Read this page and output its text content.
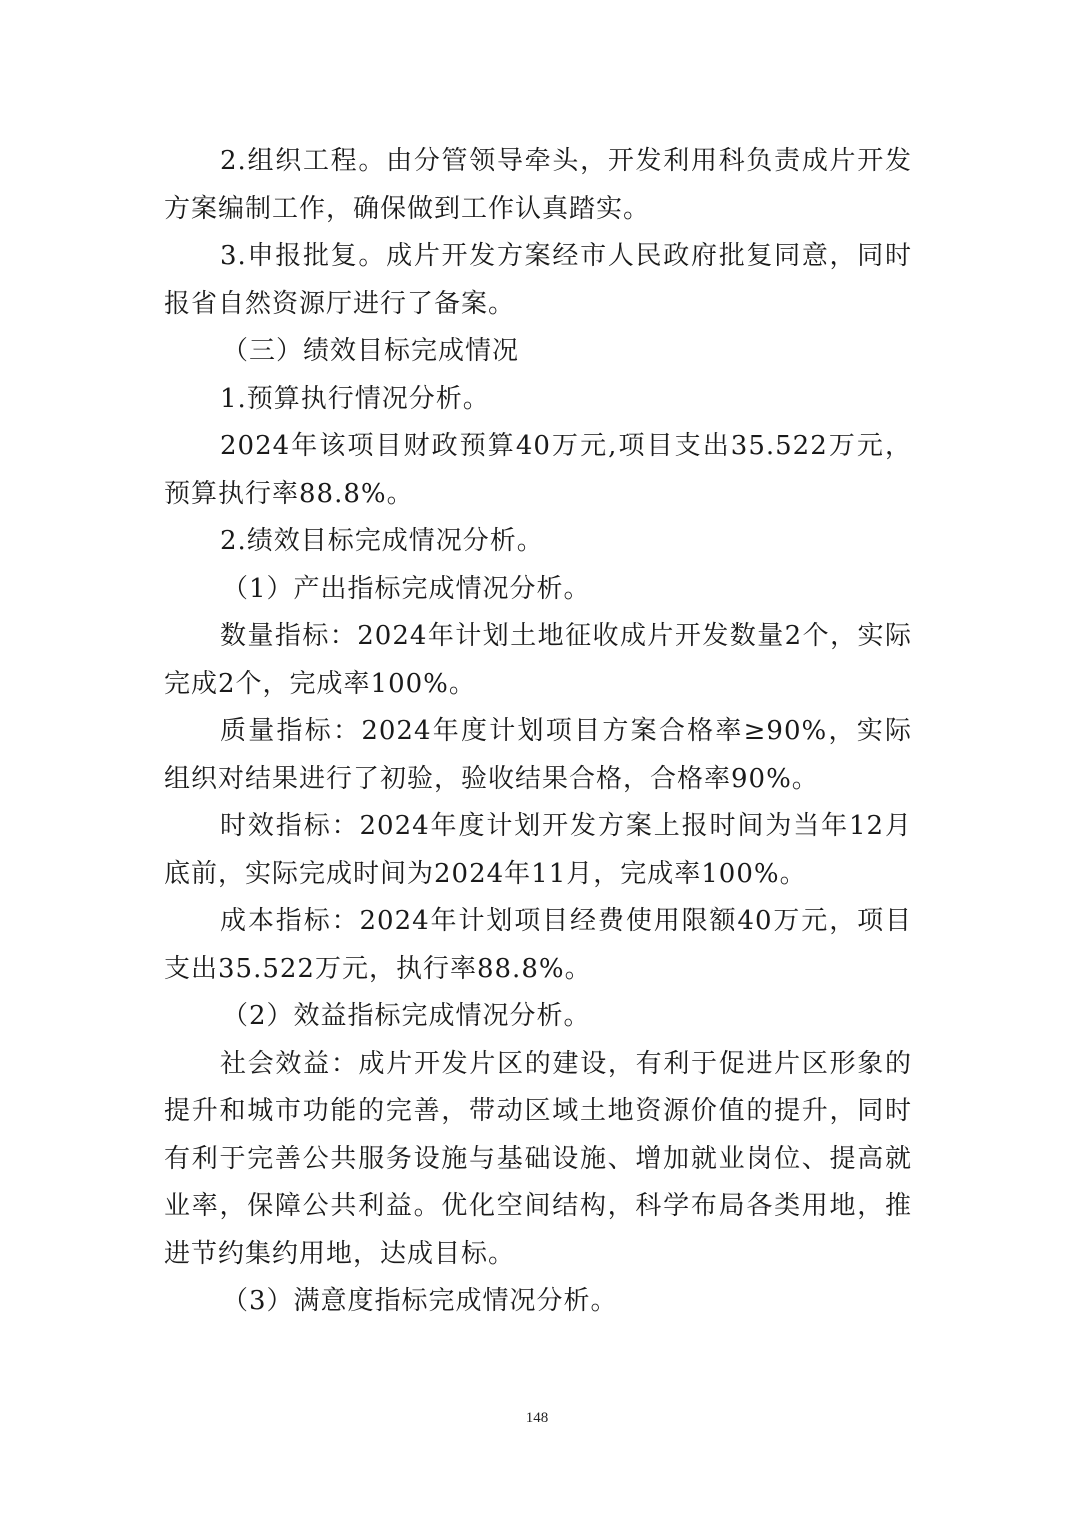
2.组织工程。由分管领导牵头，开发利用科负责成片开发方案编制工作，确保做到工作认真踏实。

3.申报批复。成片开发方案经市人民政府批复同意，同时报省自然资源厅进行了备案。

（三）绩效目标完成情况

1.预算执行情况分析。

2024年该项目财政预算40万元,项目支出35.522万元，预算执行率88.8%。

2.绩效目标完成情况分析。

（1）产出指标完成情况分析。

数量指标：2024年计划土地征收成片开发数量2个，实际完成2个，完成率100%。

质量指标：2024年度计划项目方案合格率≥90%，实际组织对结果进行了初验，验收结果合格，合格率90%。

时效指标：2024年度计划开发方案上报时间为当年12月底前，实际完成时间为2024年11月，完成率100%。

成本指标：2024年计划项目经费使用限额40万元，项目支出35.522万元，执行率88.8%。

（2）效益指标完成情况分析。

社会效益：成片开发片区的建设，有利于促进片区形象的提升和城市功能的完善，带动区域土地资源价值的提升，同时有利于完善公共服务设施与基础设施、增加就业岗位、提高就业率，保障公共利益。优化空间结构，科学布局各类用地，推进节约集约用地，达成目标。

（3）满意度指标完成情况分析。

148
